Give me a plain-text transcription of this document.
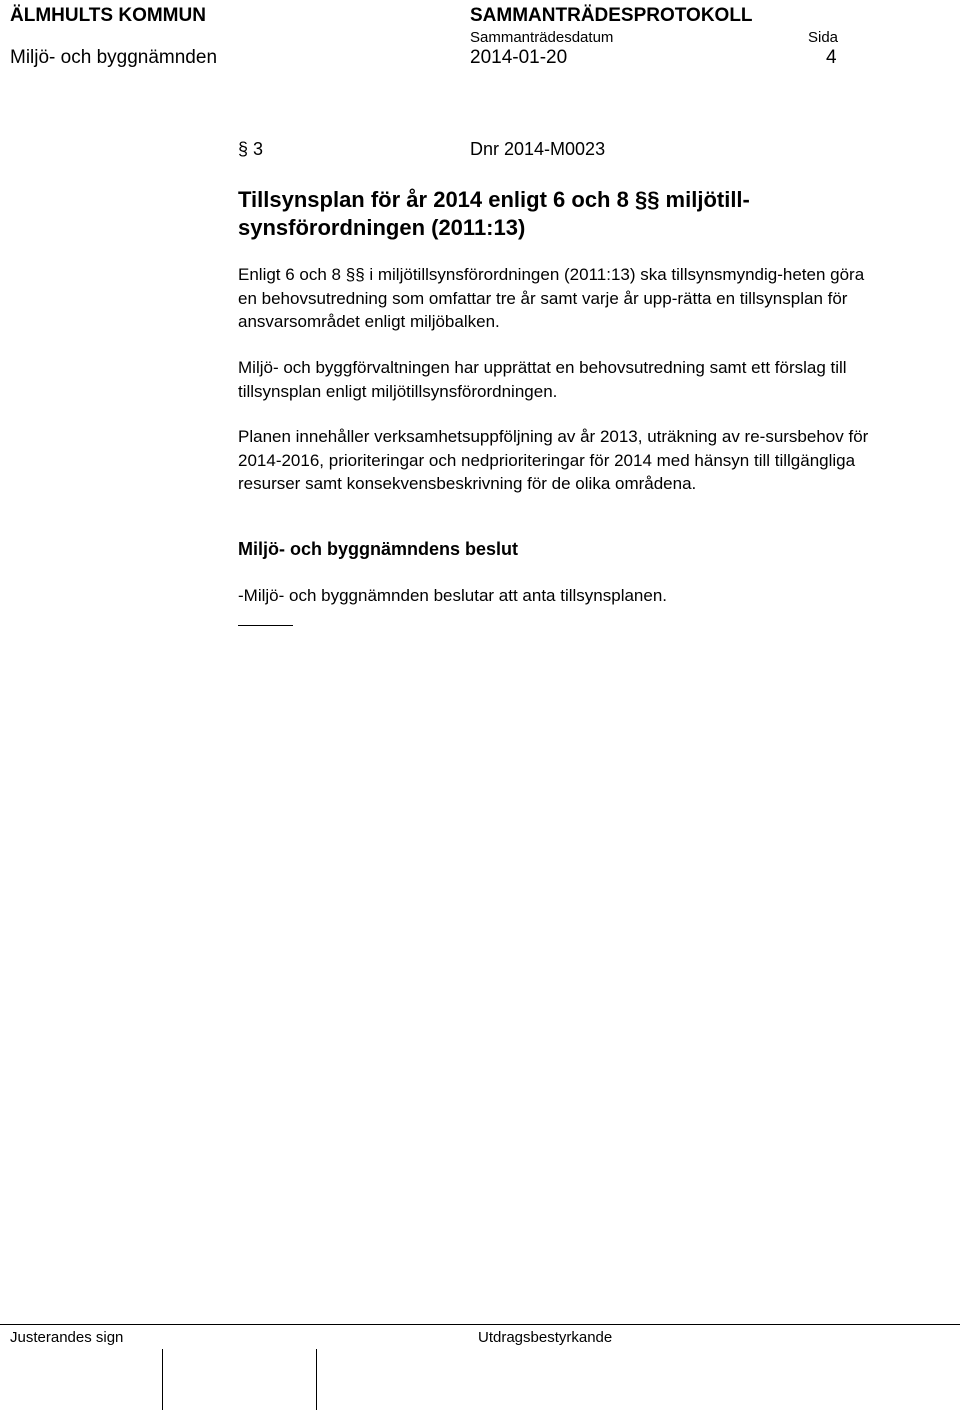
ÄLMHULTS KOMMUN	SAMMANTRÄDESPROTOKOLL
Sammanträdesdatum	Sida
Miljö- och byggnämnden	2014-01-20	4
§ 3	Dnr 2014-M0023
Tillsynsplan för år 2014 enligt 6 och 8 §§ miljötill-synsförordningen (2011:13)
Enligt 6 och 8 §§ i miljötillsynsförordningen (2011:13) ska tillsynsmyndig-heten göra en behovsutredning som omfattar tre år samt varje år upp-rätta en tillsynsplan för ansvarsområdet enligt miljöbalken.
Miljö- och byggförvaltningen har upprättat en behovsutredning samt ett förslag till tillsynsplan enligt miljötillsynsförordningen.
Planen innehåller verksamhetsuppföljning av år 2013, uträkning av re-sursbehov för 2014-2016, prioriteringar och nedprioriteringar för 2014 med hänsyn till tillgängliga resurser samt konsekvensbeskrivning för de olika områdena.
Miljö- och byggnämndens beslut
-Miljö- och byggnämnden beslutar att anta tillsynsplanen.
Justerandes sign	Utdragsbestyrkande
